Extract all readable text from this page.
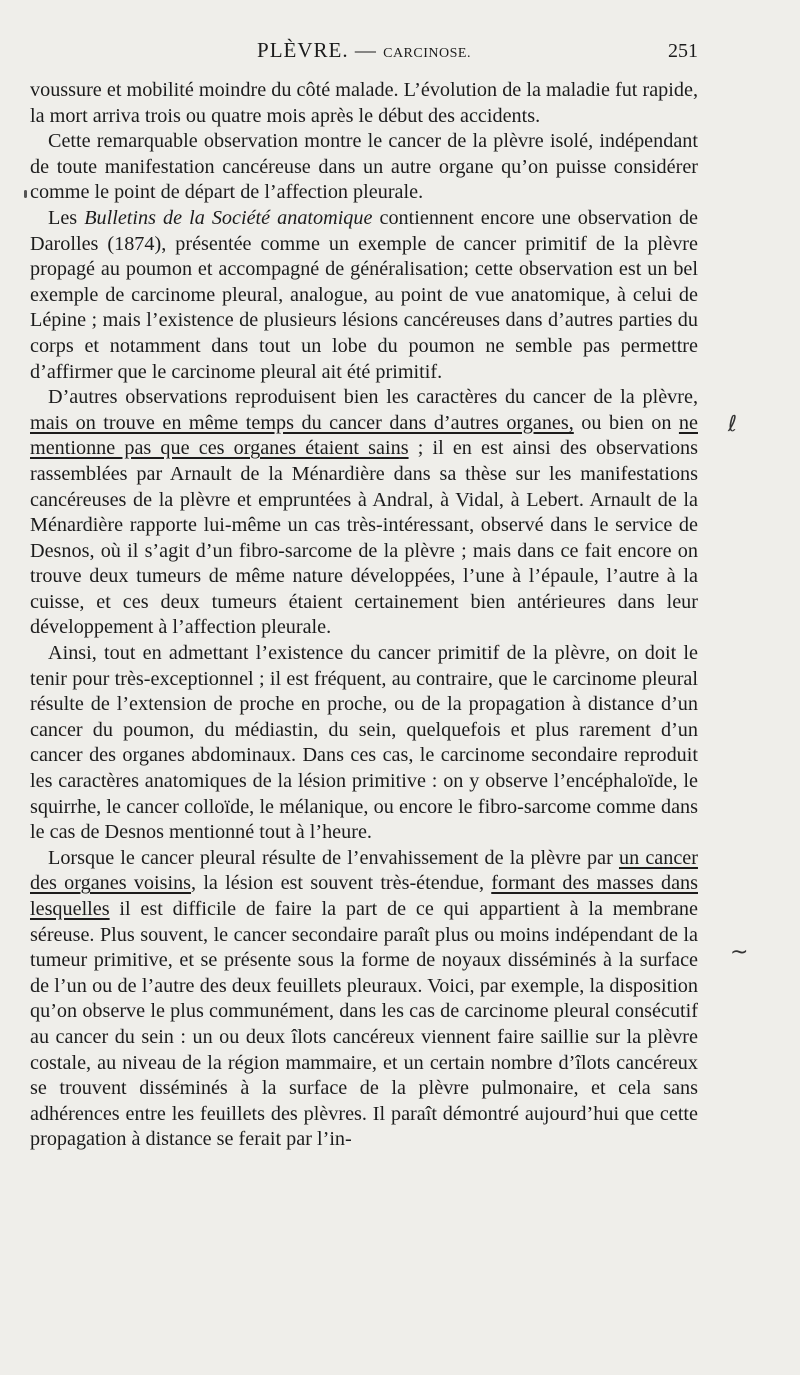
PLÈVRE. — CARCINOSE.	251

voussure et mobilité moindre du côté malade. L’évolution de la maladie fut rapide, la mort arriva trois ou quatre mois après le début des accidents.

Cette remarquable observation montre le cancer de la plèvre isolé, indépendant de toute manifestation cancéreuse dans un autre organe qu’on puisse considérer comme le point de départ de l’affection pleurale.

Les Bulletins de la Société anatomique contiennent encore une observation de Darolles (1874), présentée comme un exemple de cancer primitif de la plèvre propagé au poumon et accompagné de généralisation; cette observation est un bel exemple de carcinome pleural, analogue, au point de vue anatomique, à celui de Lépine ; mais l’existence de plusieurs lésions cancéreuses dans d’autres parties du corps et notamment dans tout un lobe du poumon ne semble pas permettre d’affirmer que le carcinome pleural ait été primitif.

D’autres observations reproduisent bien les caractères du cancer de la plèvre, mais on trouve en même temps du cancer dans d’autres organes, ou bien on ne mentionne pas que ces organes étaient sains ; il en est ainsi des observations rassemblées par Arnault de la Ménardière dans sa thèse sur les manifestations cancéreuses de la plèvre et empruntées à Andral, à Vidal, à Lebert. Arnault de la Ménardière rapporte lui-même un cas très-intéressant, observé dans le service de Desnos, où il s’agit d’un fibro-sarcome de la plèvre ; mais dans ce fait encore on trouve deux tumeurs de même nature développées, l’une à l’épaule, l’autre à la cuisse, et ces deux tumeurs étaient certainement bien antérieures dans leur développement à l’affection pleurale.

Ainsi, tout en admettant l’existence du cancer primitif de la plèvre, on doit le tenir pour très-exceptionnel ; il est fréquent, au contraire, que le carcinome pleural résulte de l’extension de proche en proche, ou de la propagation à distance d’un cancer du poumon, du médiastin, du sein, quelquefois et plus rarement d’un cancer des organes abdominaux. Dans ces cas, le carcinome secondaire reproduit les caractères anatomiques de la lésion primitive : on y observe l’encéphaloïde, le squirrhe, le cancer colloïde, le mélanique, ou encore le fibro-sarcome comme dans le cas de Desnos mentionné tout à l’heure.

Lorsque le cancer pleural résulte de l’envahissement de la plèvre par un cancer des organes voisins, la lésion est souvent très-étendue, formant des masses dans lesquelles il est difficile de faire la part de ce qui appartient à la membrane séreuse. Plus souvent, le cancer secondaire paraît plus ou moins indépendant de la tumeur primitive, et se présente sous la forme de noyaux disséminés à la surface de l’un ou de l’autre des deux feuillets pleuraux. Voici, par exemple, la disposition qu’on observe le plus communément, dans les cas de carcinome pleural consécutif au cancer du sein : un ou deux îlots cancéreux viennent faire saillie sur la plèvre costale, au niveau de la région mammaire, et un certain nombre d’îlots cancéreux se trouvent disséminés à la surface de la plèvre pulmonaire, et cela sans adhérences entre les feuillets des plèvres. Il paraît démontré aujourd’hui que cette propagation à distance se ferait par l’in-

ℓ
~
